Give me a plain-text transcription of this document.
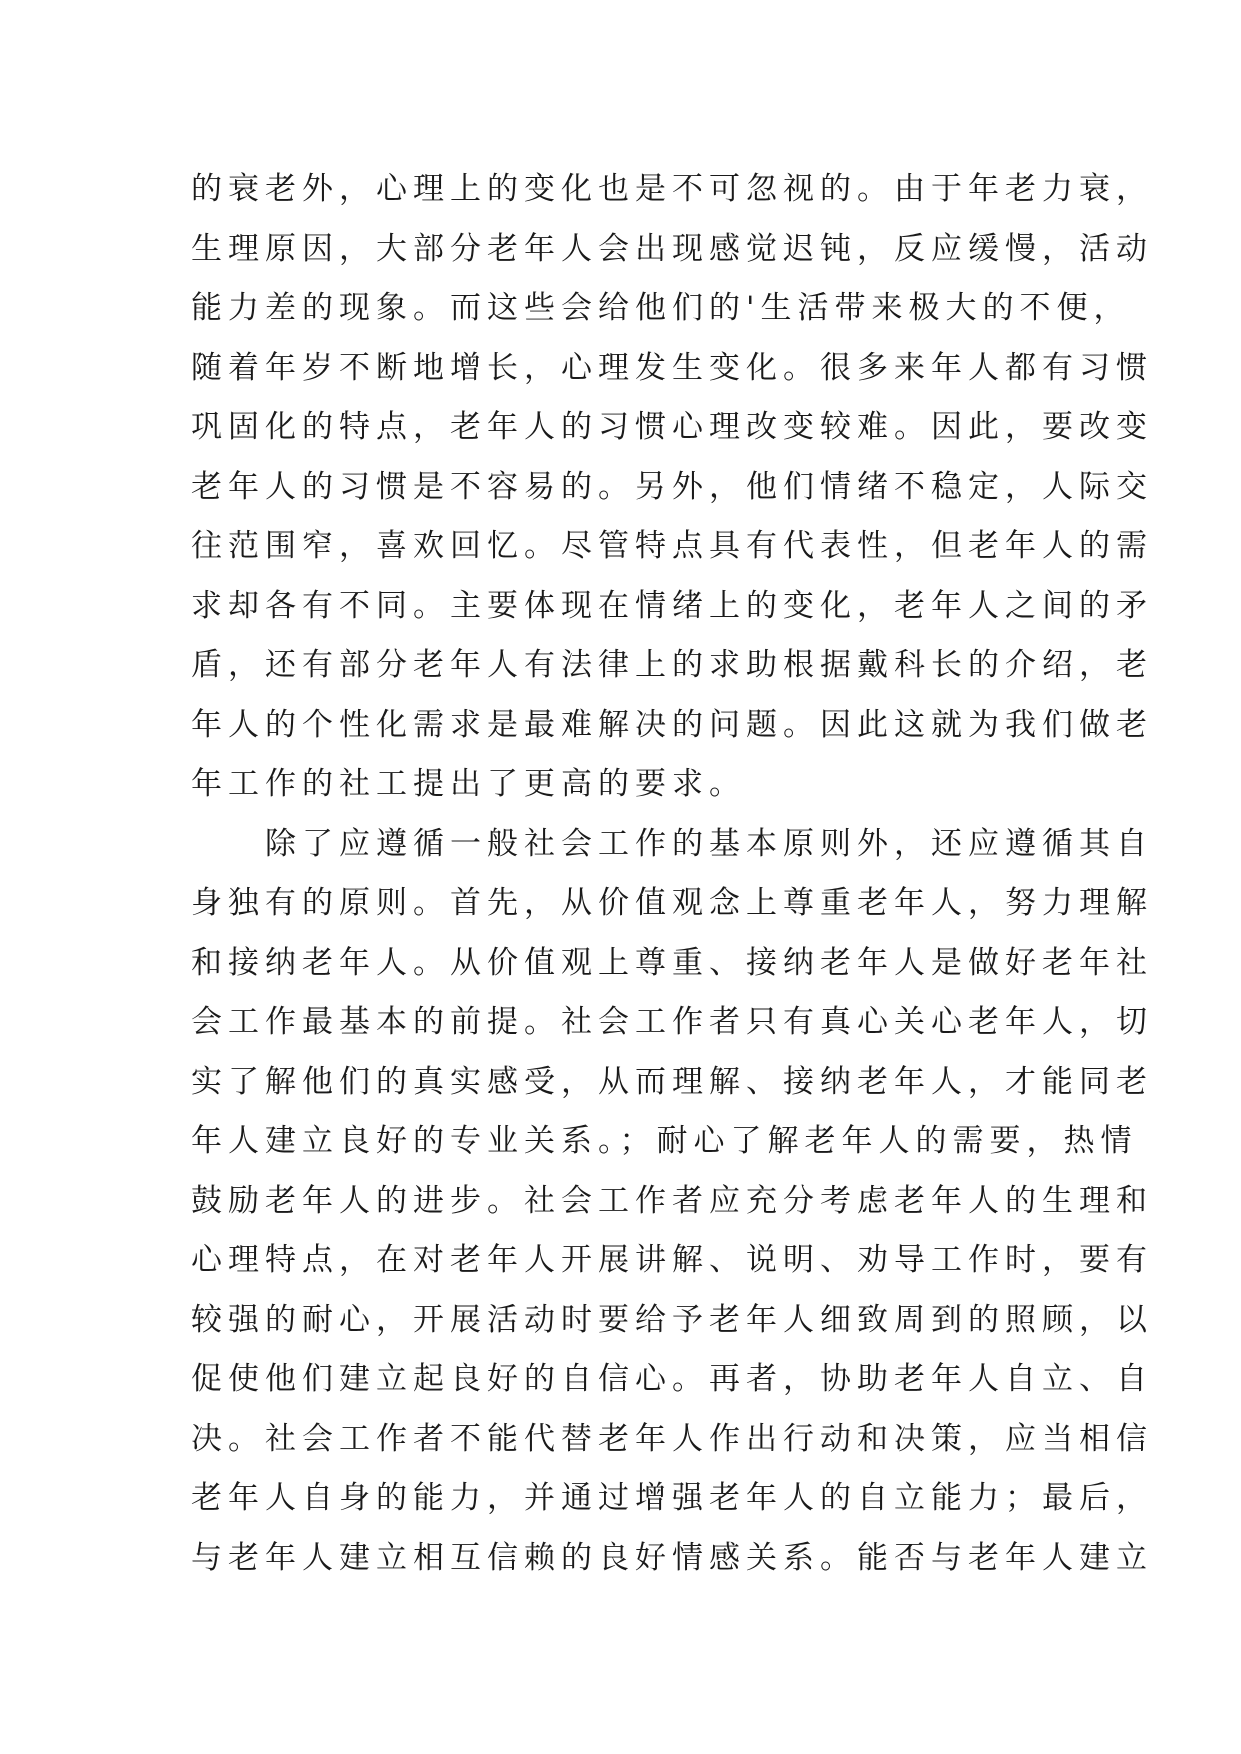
的衰老外，心理上的变化也是不可忽视的。由于年老力衰，
生理原因，大部分老年人会出现感觉迟钝，反应缓慢，活动
能力差的现象。而这些会给他们的'生活带来极大的不便，
随着年岁不断地增长，心理发生变化。很多来年人都有习惯
巩固化的特点，老年人的习惯心理改变较难。因此，要改变
老年人的习惯是不容易的。另外，他们情绪不稳定，人际交
往范围窄，喜欢回忆。尽管特点具有代表性，但老年人的需
求却各有不同。主要体现在情绪上的变化，老年人之间的矛
盾，还有部分老年人有法律上的求助根据戴科长的介绍，老
年人的个性化需求是最难解决的问题。因此这就为我们做老
年工作的社工提出了更高的要求。
除了应遵循一般社会工作的基本原则外，还应遵循其自
身独有的原则。首先，从价值观念上尊重老年人，努力理解
和接纳老年人。从价值观上尊重、接纳老年人是做好老年社
会工作最基本的前提。社会工作者只有真心关心老年人，切
实了解他们的真实感受，从而理解、接纳老年人，才能同老
年人建立良好的专业关系。；耐心了解老年人的需要，热情
鼓励老年人的进步。社会工作者应充分考虑老年人的生理和
心理特点，在对老年人开展讲解、说明、劝导工作时，要有
较强的耐心，开展活动时要给予老年人细致周到的照顾，以
促使他们建立起良好的自信心。再者，协助老年人自立、自
决。社会工作者不能代替老年人作出行动和决策，应当相信
老年人自身的能力，并通过增强老年人的自立能力；最后，
与老年人建立相互信赖的良好情感关系。能否与老年人建立
